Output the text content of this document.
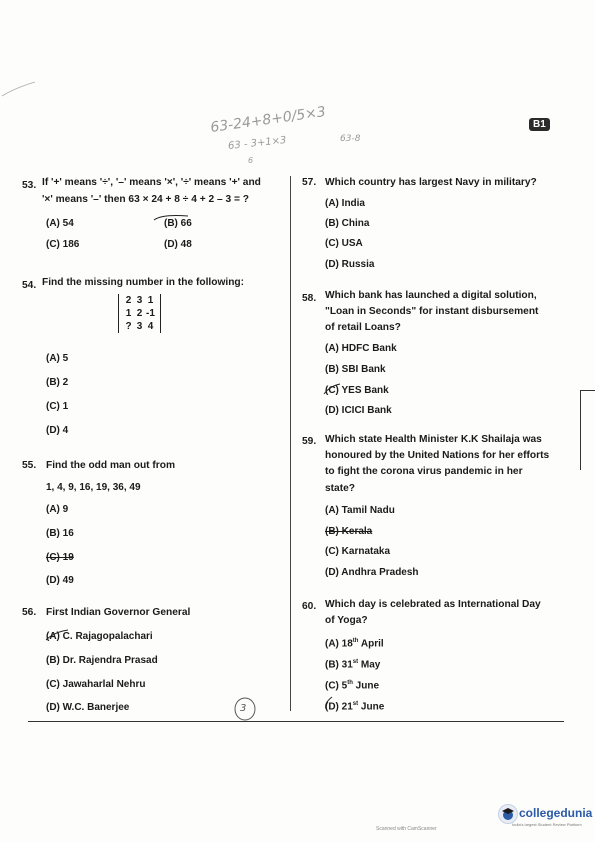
63-24+8+0/5×3
63 - 3+1×3	63-8
6
B1
53. If '+' means '÷', '–' means '×', '÷' means '+' and
'×' means '–' then 63 × 24 + 8 ÷ 4 + 2 – 3 = ?
(A) 54	(B) 66
(C) 186	(D) 48
54. Find the missing number in the following:
2 3 1
1 2 -1
? 3 4
(A) 5
(B) 2
(C) 1
(D) 4
55. Find the odd man out from
1, 4, 9, 16, 19, 36, 49
(A) 9
(B) 16
(C) 19
(D) 49
56. First Indian Governor General
(A) C. Rajagopalachari
(B) Dr. Rajendra Prasad
(C) Jawaharlal Nehru
(D) W.C. Banerjee	3
57. Which country has largest Navy in military?
(A) India
(B) China
(C) USA
(D) Russia
58. Which bank has launched a digital solution,
"Loan in Seconds" for instant disbursement
of retail Loans?
(A) HDFC Bank
(B) SBI Bank
(C) YES Bank
(D) ICICI Bank
59. Which state Health Minister K.K Shailaja was
honoured by the United Nations for her efforts
to fight the corona virus pandemic in her
state?
(A) Tamil Nadu
(B) Kerala
(C) Karnataka
(D) Andhra Pradesh
60. Which day is celebrated as International Day
of Yoga?
(A) 18th April
(B) 31st May
(C) 5th June
(D) 21st June
collegedunia
India's largest Student Review Platform
Scanned with CamScanner
